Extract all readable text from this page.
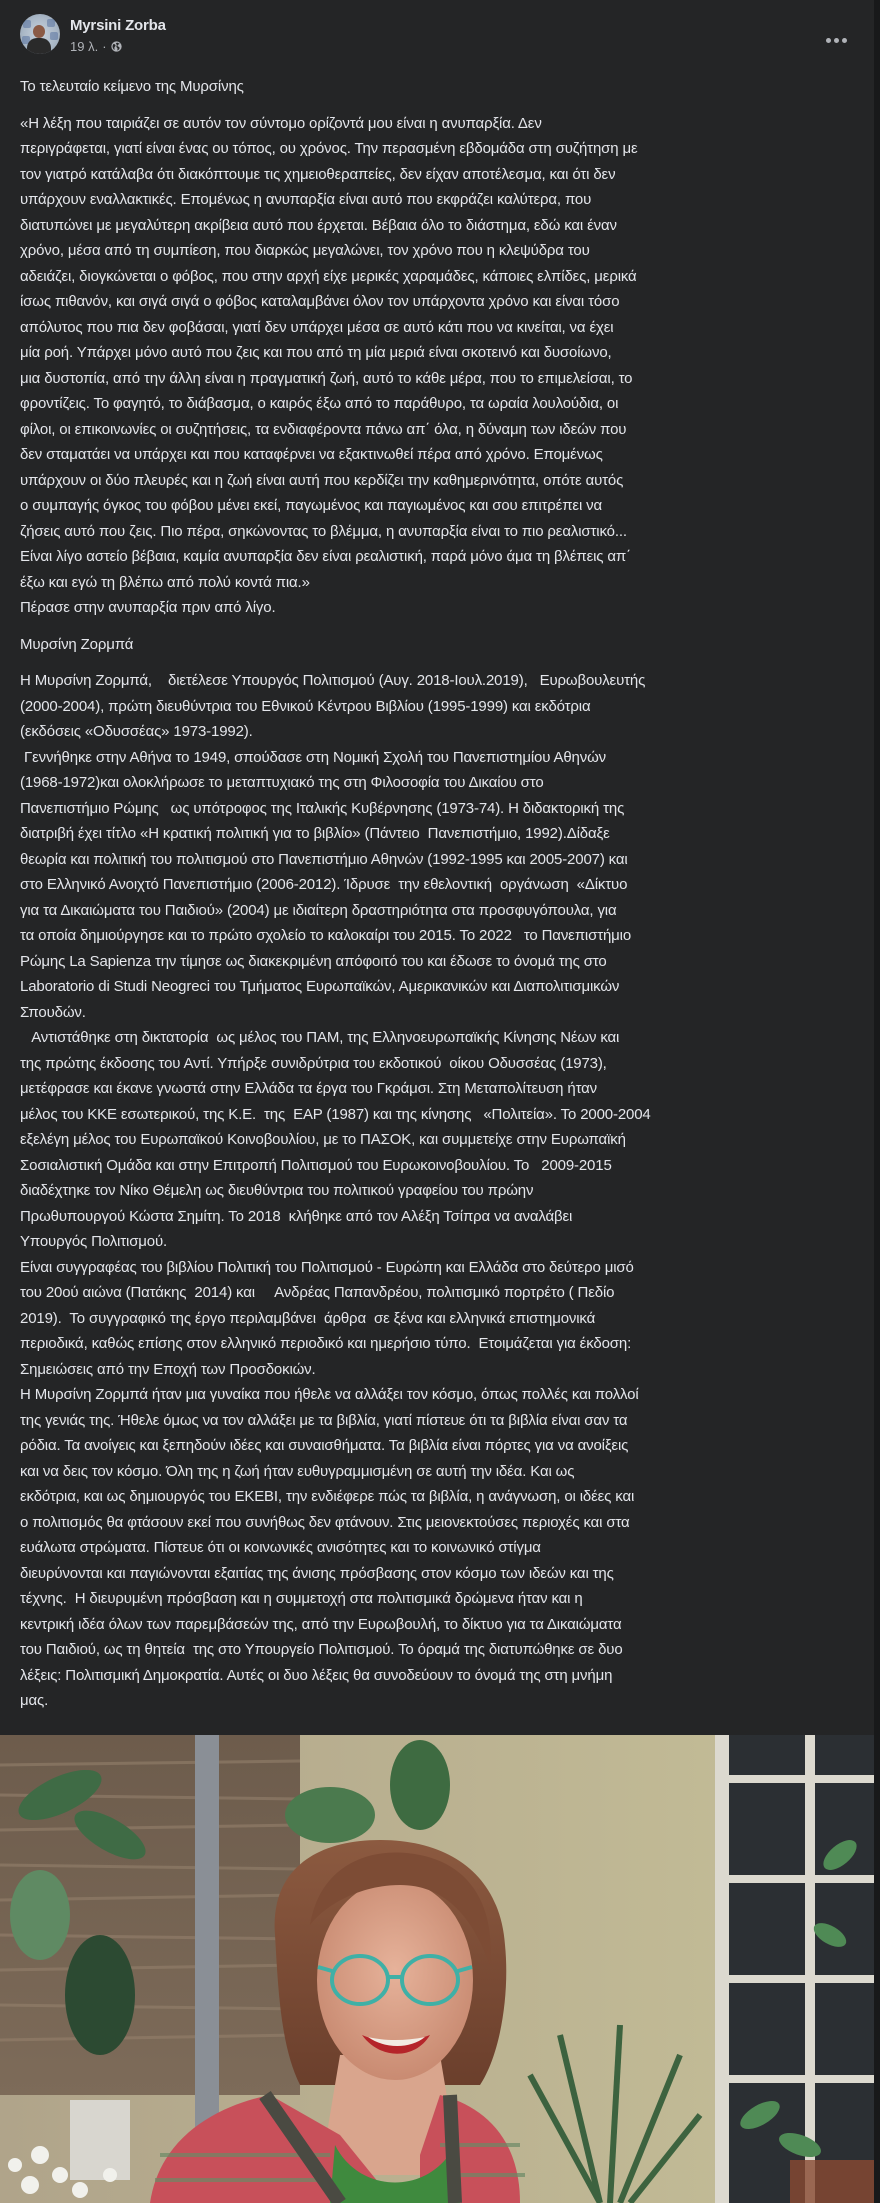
Myrsini Zorba
19 λ. ·

Το τελευταίο κείμενο της Μυρσίνης

«Η λέξη που ταιριάζει σε αυτόν τον σύντομο ορίζοντά μου είναι η ανυπαρξία. Δεν
περιγράφεται, γιατί είναι ένας ου τόπος, ου χρόνος. Την περασμένη εβδομάδα στη συζήτηση με
τον γιατρό κατάλαβα ότι διακόπτουμε τις χημειοθεραπείες, δεν είχαν αποτέλεσμα, και ότι δεν
υπάρχουν εναλλακτικές. Επομένως η ανυπαρξία είναι αυτό που εκφράζει καλύτερα, που
διατυπώνει με μεγαλύτερη ακρίβεια αυτό που έρχεται. Βέβαια όλο το διάστημα, εδώ και έναν
χρόνο, μέσα από τη συμπίεση, που διαρκώς μεγαλώνει, τον χρόνο που η κλεψύδρα του
αδειάζει, διογκώνεται ο φόβος, που στην αρχή είχε μερικές χαραμάδες, κάποιες ελπίδες, μερικά
ίσως πιθανόν, και σιγά σιγά ο φόβος καταλαμβάνει όλον τον υπάρχοντα χρόνο και είναι τόσο
απόλυτος που πια δεν φοβάσαι, γιατί δεν υπάρχει μέσα σε αυτό κάτι που να κινείται, να έχει
μία ροή. Υπάρχει μόνο αυτό που ζεις και που από τη μία μεριά είναι σκοτεινό και δυσοίωνο,
μια δυστοπία, από την άλλη είναι η πραγματική ζωή, αυτό το κάθε μέρα, που το επιμελείσαι, το
φροντίζεις. Το φαγητό, το διάβασμα, ο καιρός έξω από το παράθυρο, τα ωραία λουλούδια, οι
φίλοι, οι επικοινωνίες οι συζητήσεις, τα ενδιαφέροντα πάνω απ΄ όλα, η δύναμη των ιδεών που
δεν σταματάει να υπάρχει και που καταφέρνει να εξακτινωθεί πέρα από χρόνο. Επομένως
υπάρχουν οι δύο πλευρές και η ζωή είναι αυτή που κερδίζει την καθημερινότητα, οπότε αυτός
ο συμπαγής όγκος του φόβου μένει εκεί, παγωμένος και παγιωμένος και σου επιτρέπει να
ζήσεις αυτό που ζεις. Πιο πέρα, σηκώνοντας το βλέμμα, η ανυπαρξία είναι το πιο ρεαλιστικό...
Είναι λίγο αστείο βέβαια, καμία ανυπαρξία δεν είναι ρεαλιστική, παρά μόνο άμα τη βλέπεις απ΄
έξω και εγώ τη βλέπω από πολύ κοντά πια.»
Πέρασε στην ανυπαρξία πριν από λίγο.

Μυρσίνη Ζορμπά

Η Μυρσίνη Ζορμπά,    διετέλεσε Υπουργός Πολιτισμού (Αυγ. 2018-Ιουλ.2019),   Ευρωβουλευτής
(2000-2004), πρώτη διευθύντρια του Εθνικού Κέντρου Βιβλίου (1995-1999) και εκδότρια
(εκδόσεις «Οδυσσέας» 1973-1992).
Γεννήθηκε στην Αθήνα το 1949, σπούδασε στη Νομική Σχολή του Πανεπιστημίου Αθηνών
(1968-1972)και ολοκλήρωσε το μεταπτυχιακό της στη Φιλοσοφία του Δικαίου στο
Πανεπιστήμιο Ρώμης   ως υπότροφος της Ιταλικής Κυβέρνησης (1973-74). Η διδακτορική της
διατριβή έχει τίτλο «Η κρατική πολιτική για το βιβλίο» (Πάντειο  Πανεπιστήμιο, 1992).Δίδαξε
θεωρία και πολιτική του πολιτισμού στο Πανεπιστήμιο Αθηνών (1992-1995 και 2005-2007) και
στο Ελληνικό Ανοιχτό Πανεπιστήμιο (2006-2012). Ίδρυσε  την εθελοντική  οργάνωση  «Δίκτυο
για τα Δικαιώματα του Παιδιού» (2004) με ιδιαίτερη δραστηριότητα στα προσφυγόπουλα, για
τα οποία δημιούργησε και το πρώτο σχολείο το καλοκαίρι του 2015. Το 2022   το Πανεπιστήμιο
Ρώμης La Sapienza την τίμησε ως διακεκριμένη απόφοιτό του και έδωσε το όνομά της στο
Laboratorio di Studi Neogreci του Τμήματος Ευρωπαϊκών, Αμερικανικών και Διαπολιτισμικών
Σπουδών.
Αντιστάθηκε στη δικτατορία  ως μέλος του ΠΑΜ, της Ελληνοευρωπαϊκής Κίνησης Νέων και
της πρώτης έκδοσης του Αντί. Υπήρξε συνιδρύτρια του εκδοτικού  οίκου Οδυσσέας (1973),
μετέφρασε και έκανε γνωστά στην Ελλάδα τα έργα του Γκράμσι. Στη Μεταπολίτευση ήταν
μέλος του ΚΚΕ εσωτερικού, της Κ.Ε.  της  ΕΑΡ (1987) και της κίνησης   «Πολιτεία». Το 2000-2004
εξελέγη μέλος του Ευρωπαϊκού Κοινοβουλίου, με το ΠΑΣΟΚ, και συμμετείχε στην Ευρωπαϊκή
Σοσιαλιστική Ομάδα και στην Επιτροπή Πολιτισμού του Ευρωκοινοβουλίου. Το   2009-2015
διαδέχτηκε τον Νίκο Θέμελη ως διευθύντρια του πολιτικού γραφείου του πρώην
Πρωθυπουργού Κώστα Σημίτη. Το 2018  κλήθηκε από τον Αλέξη Τσίπρα να αναλάβει
Υπουργός Πολιτισμού.
Είναι συγγραφέας του βιβλίου Πολιτική του Πολιτισμού - Ευρώπη και Ελλάδα στο δεύτερο μισό
του 20ού αιώνα (Πατάκης  2014) και     Ανδρέας Παπανδρέου, πολιτισμικό πορτρέτο ( Πεδίο
2019).  Το συγγραφικό της έργο περιλαμβάνει  άρθρα  σε ξένα και ελληνικά επιστημονικά
περιοδικά, καθώς επίσης στον ελληνικό περιοδικό και ημερήσιο τύπο.  Ετοιμάζεται για έκδοση:
Σημειώσεις από την Εποχή των Προσδοκιών.
Η Μυρσίνη Ζορμπά ήταν μια γυναίκα που ήθελε να αλλάξει τον κόσμο, όπως πολλές και πολλοί
της γενιάς της. Ήθελε όμως να τον αλλάξει με τα βιβλία, γιατί πίστευε ότι τα βιβλία είναι σαν τα
ρόδια. Τα ανοίγεις και ξεπηδούν ιδέες και συναισθήματα. Τα βιβλία είναι πόρτες για να ανοίξεις
και να δεις τον κόσμο. Όλη της η ζωή ήταν ευθυγραμμισμένη σε αυτή την ιδέα. Και ως
εκδότρια, και ως δημιουργός του ΕΚΕΒΙ, την ενδιέφερε πώς τα βιβλία, η ανάγνωση, οι ιδέες και
ο πολιτισμός θα φτάσουν εκεί που συνήθως δεν φτάνουν. Στις μειονεκτούσες περιοχές και στα
ευάλωτα στρώματα. Πίστευε ότι οι κοινωνικές ανισότητες και το κοινωνικό στίγμα
διευρύνονται και παγιώνονται εξαιτίας της άνισης πρόσβασης στον κόσμο των ιδεών και της
τέχνης.  Η διευρυμένη πρόσβαση και η συμμετοχή στα πολιτισμικά δρώμενα ήταν και η
κεντρική ιδέα όλων των παρεμβάσεών της, από την Ευρωβουλή, το δίκτυο για τα Δικαιώματα
του Παιδιού, ως τη θητεία  της στο Υπουργείο Πολιτισμού. Το όραμά της διατυπώθηκε σε δυο
λέξεις: Πολιτισμική Δημοκρατία. Αυτές οι δυο λέξεις θα συνοδεύουν το όνομά της στη μνήμη
μας.
